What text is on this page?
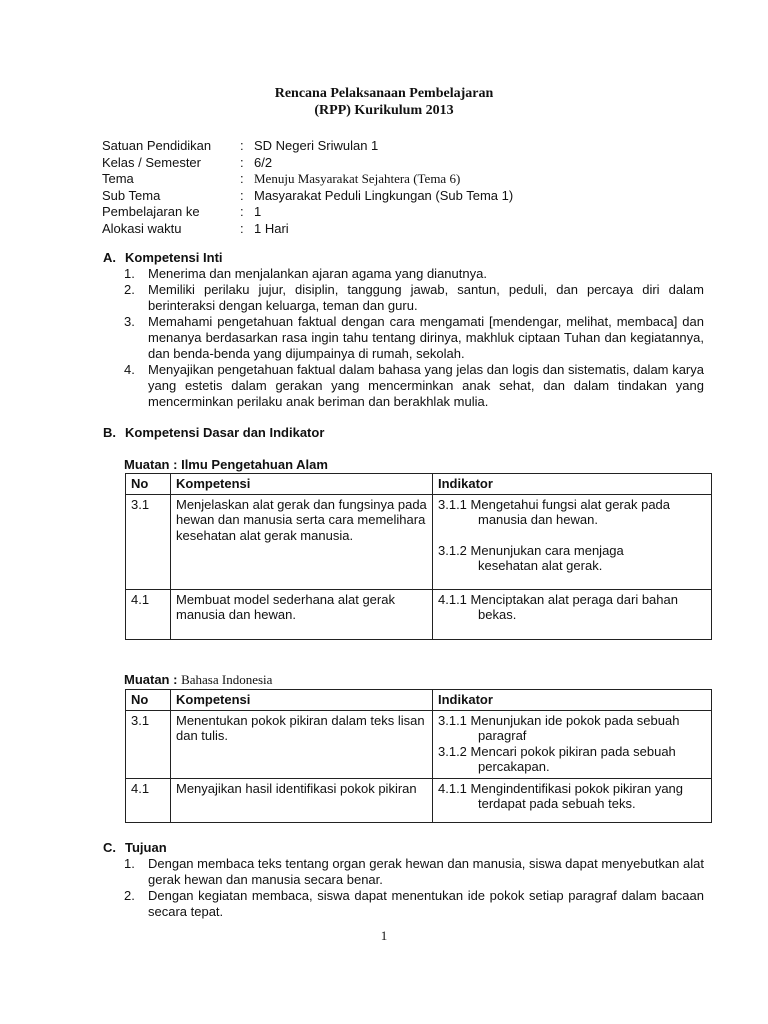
Rencana Pelaksanaan Pembelajaran
(RPP) Kurikulum 2013
Satuan Pendidikan	: SD Negeri Sriwulan 1
Kelas / Semester	: 6/2
Tema	: Menuju Masyarakat Sejahtera (Tema 6)
Sub Tema	: Masyarakat Peduli Lingkungan (Sub Tema 1)
Pembelajaran ke	: 1
Alokasi waktu	: 1 Hari
A. Kompetensi Inti
1.	Menerima dan menjalankan ajaran agama yang dianutnya.
2.	Memiliki perilaku jujur, disiplin, tanggung jawab, santun, peduli, dan percaya diri dalam berinteraksi dengan keluarga, teman dan guru.
3.	Memahami pengetahuan faktual dengan cara mengamati [mendengar, melihat, membaca] dan menanya berdasarkan rasa ingin tahu tentang dirinya, makhluk ciptaan Tuhan dan kegiatannya, dan benda-benda yang dijumpainya di rumah, sekolah.
4.	Menyajikan pengetahuan faktual dalam bahasa yang jelas dan logis dan sistematis, dalam karya yang estetis dalam gerakan yang mencerminkan anak sehat, dan dalam tindakan yang mencerminkan perilaku anak beriman dan berakhlak mulia.
B. Kompetensi Dasar dan Indikator
Muatan : Ilmu Pengetahuan Alam
No	Kompetensi	Indikator
3.1	Menjelaskan alat gerak dan fungsinya pada hewan dan manusia serta cara memelihara kesehatan alat gerak manusia.	3.1.1 Mengetahui fungsi alat gerak pada
manusia dan hewan.
3.1.2 Menunjukan cara menjaga
kesehatan alat gerak.

4.1	Membuat model sederhana alat gerak manusia dan hewan.	4.1.1 Menciptakan alat peraga dari bahan
bekas.
Muatan : Bahasa Indonesia
No	Kompetensi	Indikator
3.1	Menentukan pokok pikiran dalam teks lisan dan tulis.	3.1.1 Menunjukan ide pokok pada sebuah
paragraf
3.1.2 Mencari pokok pikiran pada sebuah
percakapan.

4.1	Menyajikan hasil identifikasi pokok pikiran	4.1.1 Mengindentifikasi pokok pikiran yang
terdapat pada sebuah teks.
C. Tujuan
1.	Dengan membaca teks tentang organ gerak hewan dan manusia, siswa dapat menyebutkan alat gerak hewan dan manusia secara benar.
2.	Dengan kegiatan membaca, siswa dapat menentukan ide pokok setiap paragraf dalam bacaan secara tepat.
1
